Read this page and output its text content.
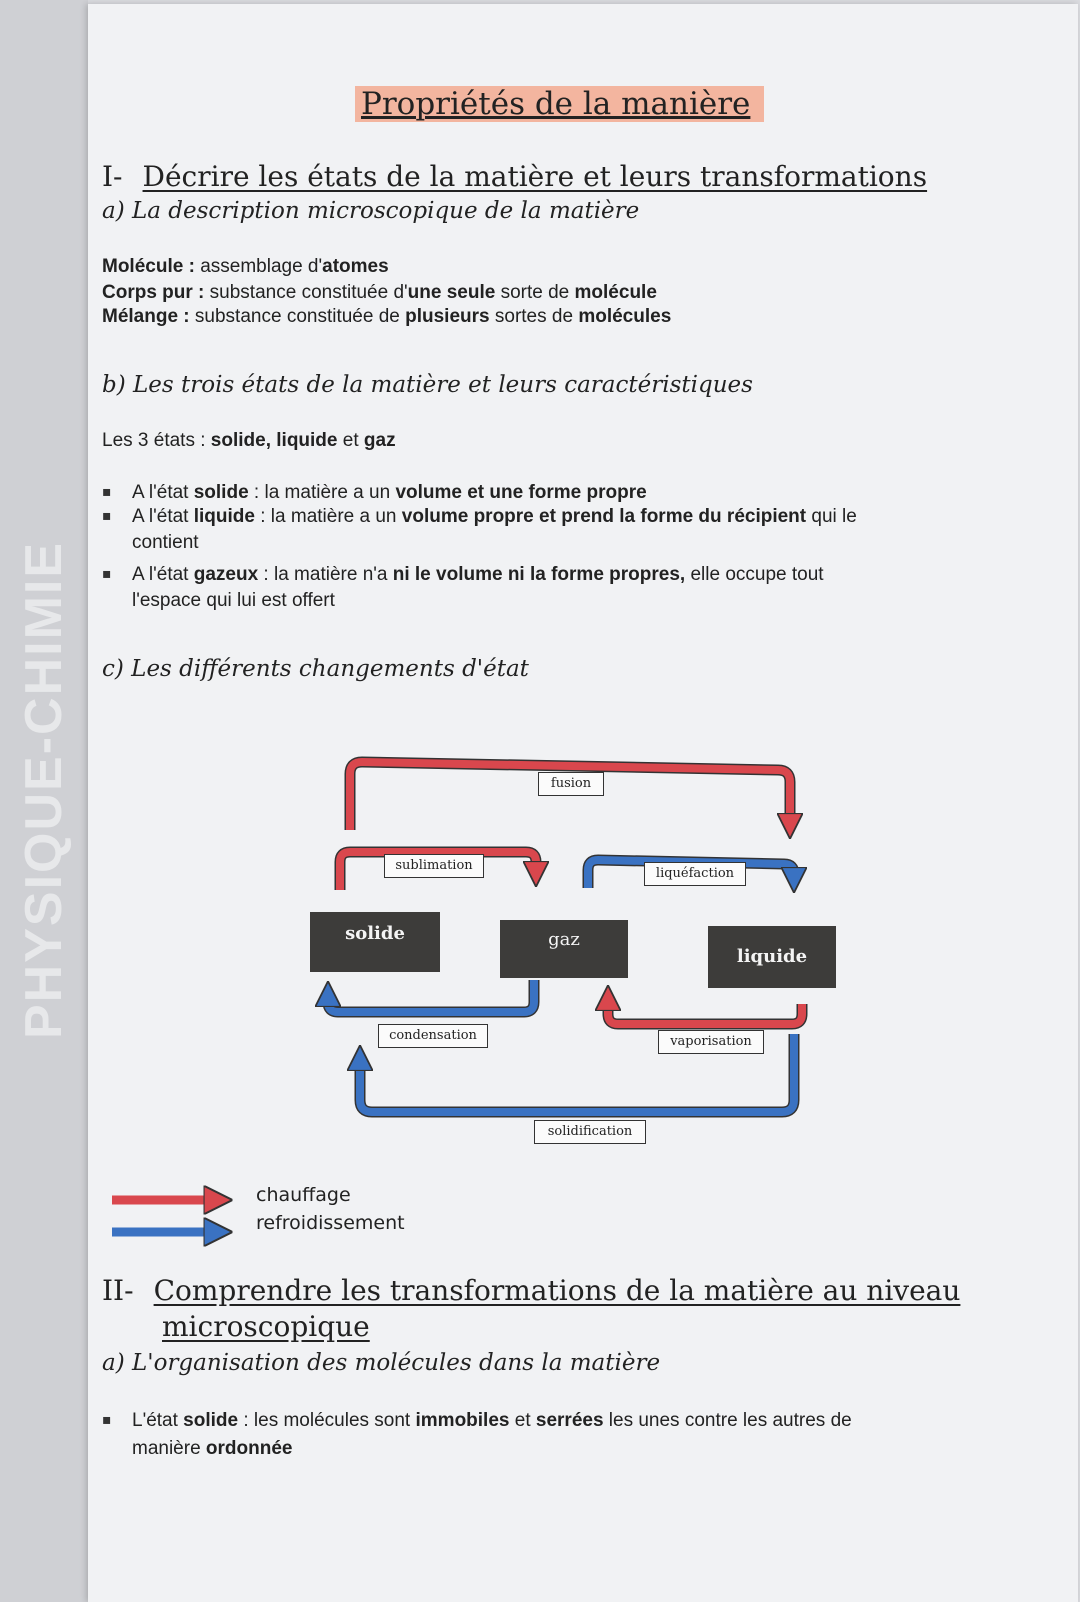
PHYSIQUE-CHIMIE
Propriétés de la manière
I- Décrire les états de la matière et leurs transformations
a) La description microscopique de la matière
Molécule : assemblage d'atomes
Corps pur : substance constituée d'une seule sorte de molécule
Mélange : substance constituée de plusieurs sortes de molécules
b) Les trois états de la matière et leurs caractéristiques
Les 3 états : solide, liquide et gaz
▪ A l'état solide : la matière a un volume et une forme propre
▪ A l'état liquide : la matière a un volume propre et prend la forme du récipient qui le
contient
▪ A l'état gazeux : la matière n'a ni le volume ni la forme propres, elle occupe tout
l'espace qui lui est offert
c) Les différents changements d'état
solide	gaz
liquide
fusion
sublimation
liquéfaction
condensation	vaporisation
solidification
chauffage
refroidissement
II- Comprendre les transformations de la matière au niveau
microscopique
a) L'organisation des molécules dans la matière
▪ L'état solide : les molécules sont immobiles et serrées les unes contre les autres de
manière ordonnée
